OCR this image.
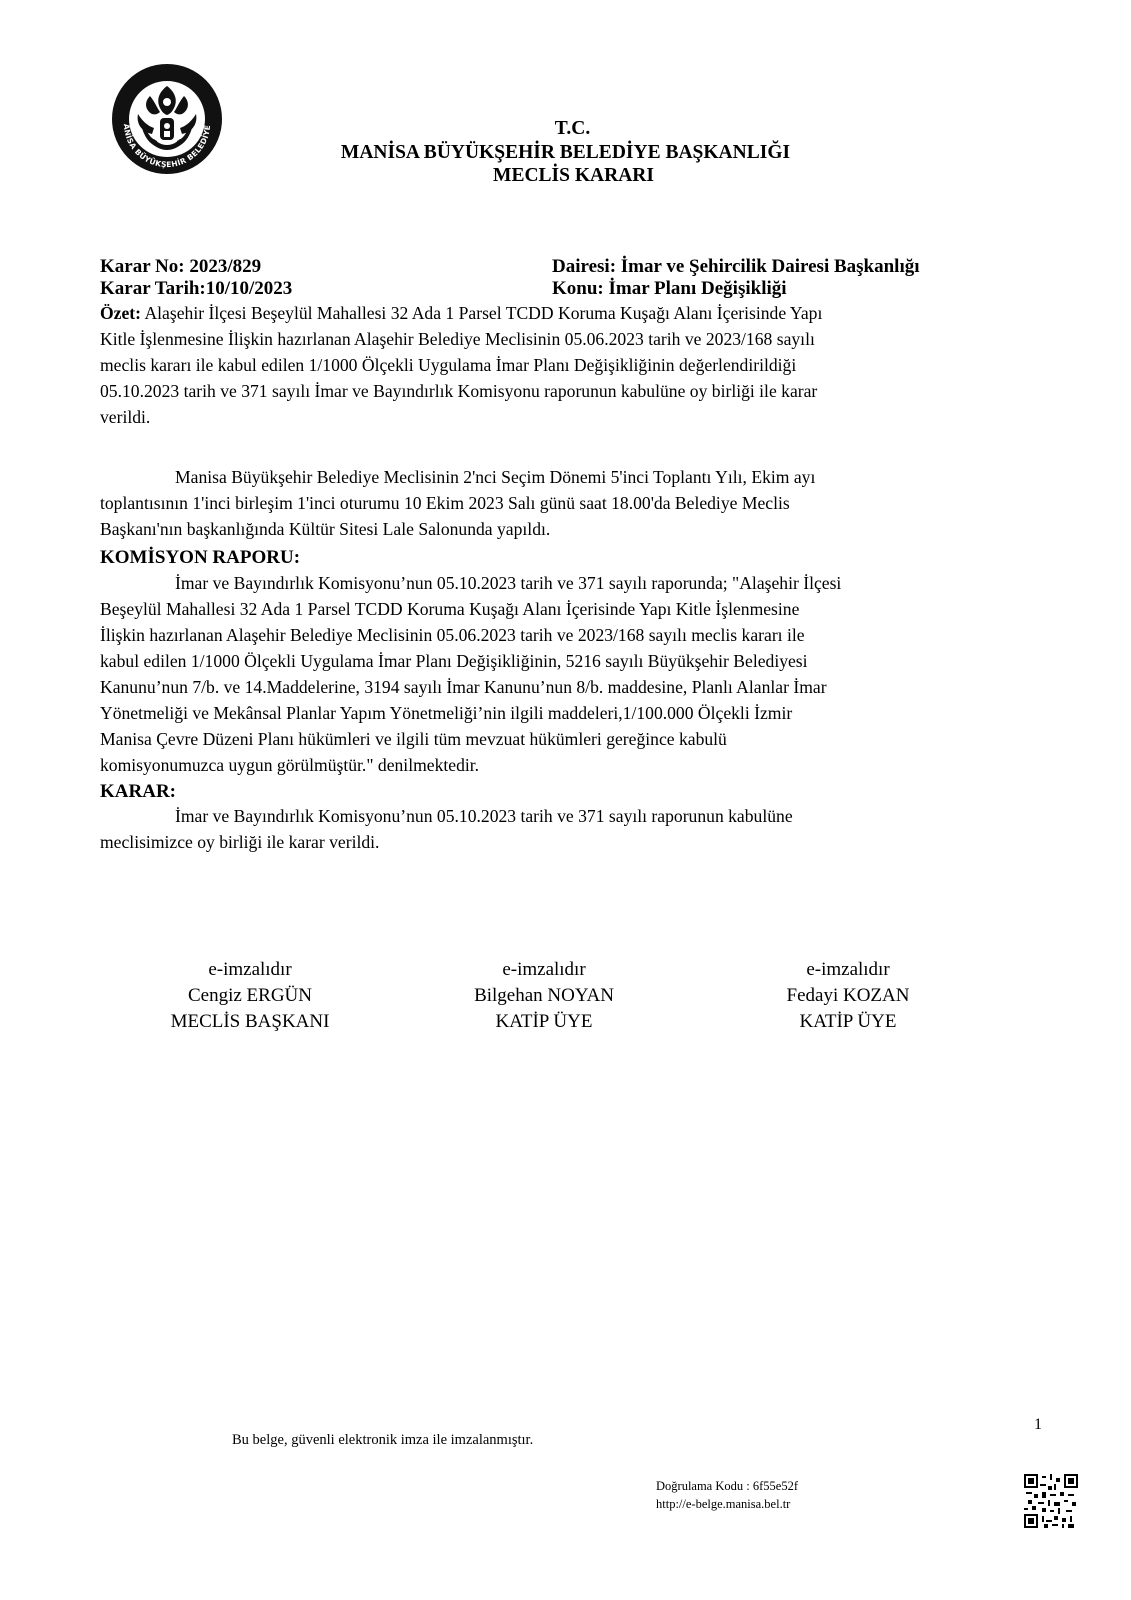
ANİSA BÜYÜKŞEHİR BELEDİYE	T.C.
MANİSA BÜYÜKŞEHİR BELEDİYE BAŞKANLIĞI
MECLİS KARARI
Karar No: 2023/829
Karar Tarih:10/10/2023
Dairesi: İmar ve Şehircilik Dairesi Başkanlığı
Konu: İmar Planı Değişikliği

Özet: Alaşehir İlçesi Beşeylül Mahallesi 32 Ada 1 Parsel TCDD Koruma Kuşağı Alanı İçerisinde Yapı

Kitle İşlenmesine İlişkin hazırlanan Alaşehir Belediye Meclisinin 05.06.2023 tarih ve 2023/168 sayılı

meclis kararı ile kabul edilen 1/1000 Ölçekli Uygulama İmar Planı Değişikliğinin değerlendirildiği

05.10.2023 tarih ve 371 sayılı İmar ve Bayındırlık Komisyonu raporunun kabulüne oy birliği ile karar

verildi.

Manisa Büyükşehir Belediye Meclisinin 2'nci Seçim Dönemi 5'inci Toplantı Yılı, Ekim ayı

toplantısının 1'inci birleşim 1'inci oturumu 10 Ekim 2023 Salı günü saat 18.00'da Belediye Meclis

Başkanı'nın başkanlığında Kültür Sitesi Lale Salonunda yapıldı.

KOMİSYON RAPORU:

İmar ve Bayındırlık Komisyonu’nun 05.10.2023 tarih ve 371 sayılı raporunda; "Alaşehir İlçesi

Beşeylül Mahallesi 32 Ada 1 Parsel TCDD Koruma Kuşağı Alanı İçerisinde Yapı Kitle İşlenmesine

İlişkin hazırlanan Alaşehir Belediye Meclisinin 05.06.2023 tarih ve 2023/168 sayılı meclis kararı ile

kabul edilen 1/1000 Ölçekli Uygulama İmar Planı Değişikliğinin, 5216 sayılı Büyükşehir Belediyesi

Kanunu’nun 7/b. ve 14.Maddelerine, 3194 sayılı İmar Kanunu’nun 8/b. maddesine, Planlı Alanlar İmar

Yönetmeliği ve Mekânsal Planlar Yapım Yönetmeliği’nin ilgili maddeleri,1/100.000 Ölçekli İzmir

Manisa Çevre Düzeni Planı hükümleri ve ilgili tüm mevzuat hükümleri gereğince kabulü

komisyonumuzca uygun görülmüştür." denilmektedir.

KARAR:

İmar ve Bayındırlık Komisyonu’nun 05.10.2023 tarih ve 371 sayılı raporunun kabulüne

meclisimizce oy birliği ile karar verildi.

e-imzalıdır
Cengiz ERGÜN
MECLİS BAŞKANI
e-imzalıdır
Bilgehan NOYAN
KATİP ÜYE
e-imzalıdır
Fedayi KOZAN
KATİP ÜYE
Bu belge, güvenli elektronik imza ile imzalanmıştır.
1
Doğrulama Kodu : 6f55e52f
http://e-belge.manisa.bel.tr
